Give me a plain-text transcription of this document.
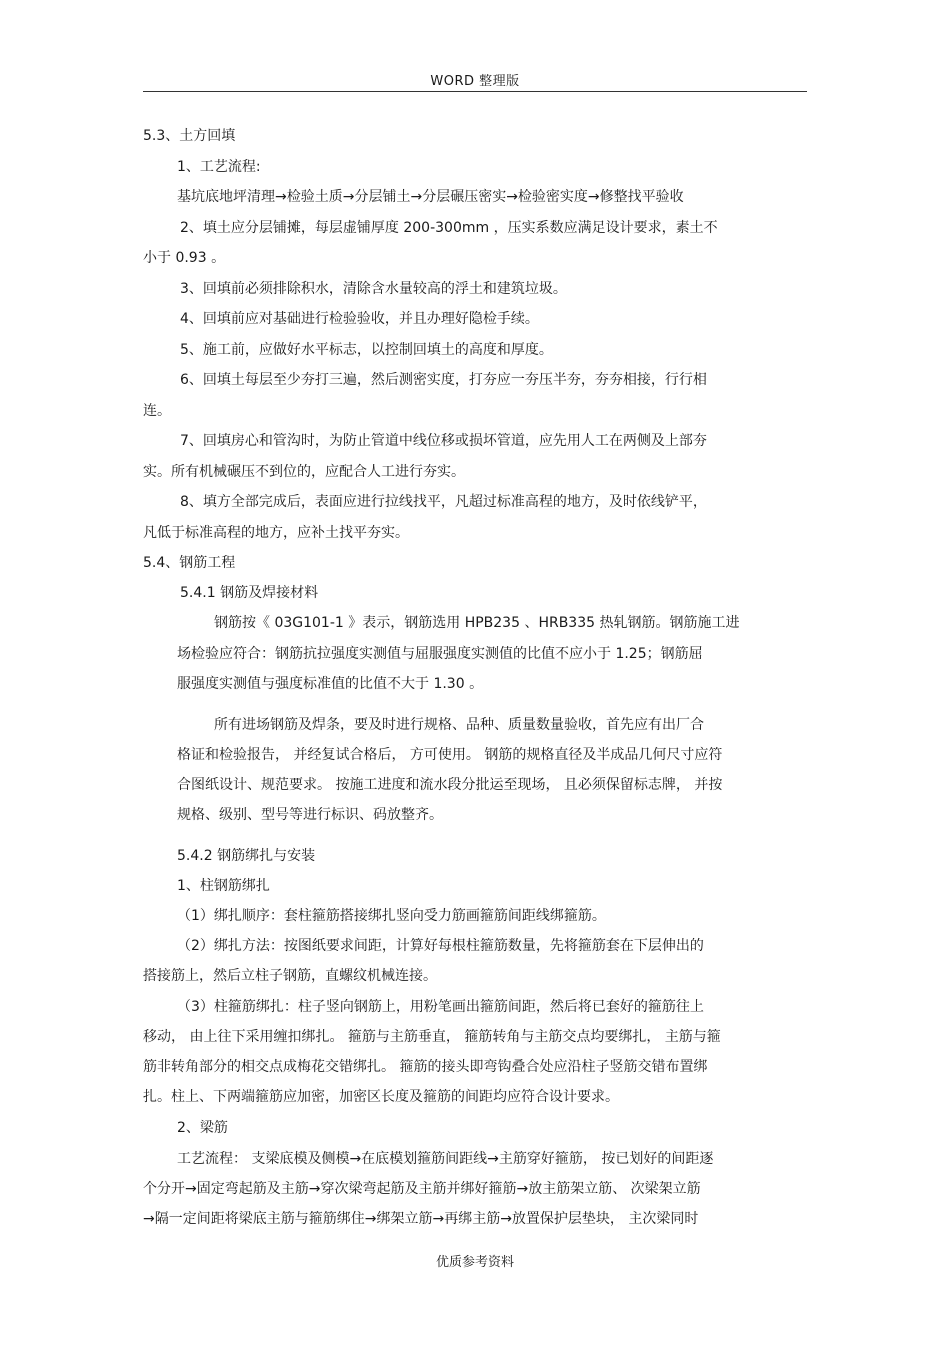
WORD 整理版
5.3、土方回填
1、工艺流程:
基坑底地坪清理→检验土质→分层铺土→分层碾压密实→检验密实度→修整找平验收
2、填土应分层铺摊，每层虚铺厚度 200-300mm ，压实系数应满足设计要求，素土不
小于 0.93 。
3、回填前必须排除积水，清除含水量较高的浮土和建筑垃圾。
4、回填前应对基础进行检验验收，并且办理好隐检手续。
5、施工前，应做好水平标志，以控制回填土的高度和厚度。
6、回填土每层至少夯打三遍，然后测密实度，打夯应一夯压半夯，夯夯相接，行行相
连。
7、回填房心和管沟时，为防止管道中线位移或损坏管道，应先用人工在两侧及上部夯
实。所有机械碾压不到位的，应配合人工进行夯实。
8、填方全部完成后，表面应进行拉线找平，凡超过标准高程的地方，及时依线铲平，
凡低于标准高程的地方，应补土找平夯实。
5.4、钢筋工程
5.4.1 钢筋及焊接材料
钢筋按《 03G101-1 》表示，钢筋选用 HPB235 、HRB335 热轧钢筋。钢筋施工进
场检验应符合：钢筋抗拉强度实测值与屈服强度实测值的比值不应小于 1.25；钢筋屈
服强度实测值与强度标准值的比值不大于 1.30 。
所有进场钢筋及焊条，要及时进行规格、品种、质量数量验收，首先应有出厂合
格证和检验报告， 并经复试合格后， 方可使用。 钢筋的规格直径及半成品几何尺寸应符
合图纸设计、规范要求。 按施工进度和流水段分批运至现场， 且必须保留标志牌， 并按
规格、级别、型号等进行标识、码放整齐。
5.4.2 钢筋绑扎与安装
1、柱钢筋绑扎
（1）绑扎顺序：套柱箍筋搭接绑扎竖向受力筋画箍筋间距线绑箍筋。
（2）绑扎方法：按图纸要求间距，计算好每根柱箍筋数量，先将箍筋套在下层伸出的
搭接筋上，然后立柱子钢筋，直螺纹机械连接。
（3）柱箍筋绑扎：柱子竖向钢筋上，用粉笔画出箍筋间距，然后将已套好的箍筋往上
移动， 由上往下采用缠扣绑扎。 箍筋与主筋垂直， 箍筋转角与主筋交点均要绑扎， 主筋与箍
筋非转角部分的相交点成梅花交错绑扎。 箍筋的接头即弯钩叠合处应沿柱子竖筋交错布置绑
扎。柱上、下两端箍筋应加密，加密区长度及箍筋的间距均应符合设计要求。
2、梁筋
工艺流程： 支梁底模及侧模→在底模划箍筋间距线→主筋穿好箍筋， 按已划好的间距逐
个分开→固定弯起筋及主筋→穿次梁弯起筋及主筋并绑好箍筋→放主筋架立筋、 次梁架立筋
→隔一定间距将梁底主筋与箍筋绑住→绑架立筋→再绑主筋→放置保护层垫块， 主次梁同时
优质参考资料
